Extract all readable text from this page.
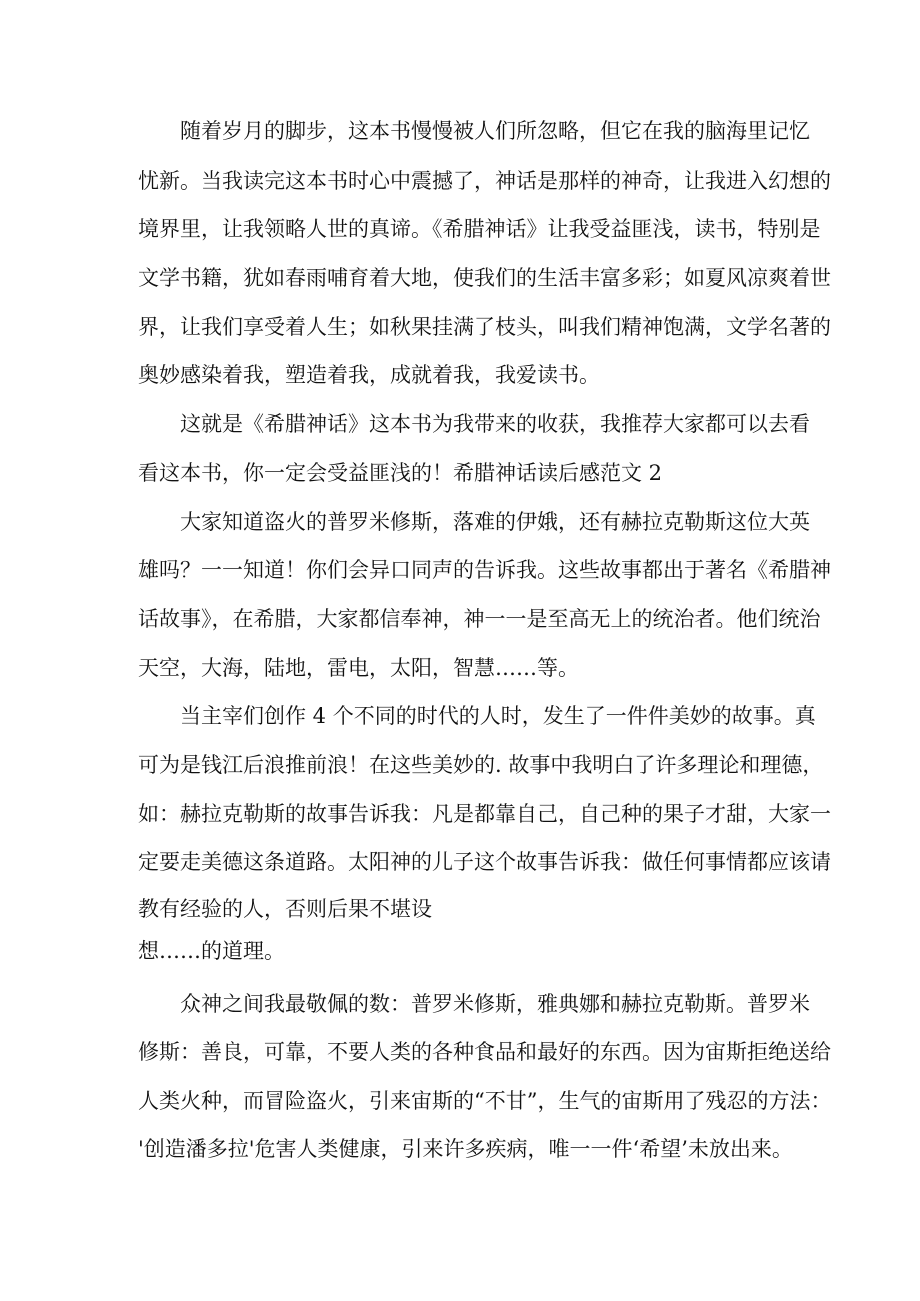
随着岁月的脚步，这本书慢慢被人们所忽略，但它在我的脑海里记忆
忧新。当我读完这本书时心中震撼了，神话是那样的神奇，让我进入幻想的
境界里，让我领略人世的真谛。《希腊神话》让我受益匪浅，读书，特别是
文学书籍，犹如春雨哺育着大地，使我们的生活丰富多彩；如夏风凉爽着世
界，让我们享受着人生；如秋果挂满了枝头，叫我们精神饱满，文学名著的
奥妙感染着我，塑造着我，成就着我，我爱读书。
这就是《希腊神话》这本书为我带来的收获，我推荐大家都可以去看
看这本书，你一定会受益匪浅的！希腊神话读后感范文 2
大家知道盗火的普罗米修斯，落难的伊娥，还有赫拉克勒斯这位大英
雄吗？一一知道！你们会异口同声的告诉我。这些故事都出于著名《希腊神
话故事》，在希腊，大家都信奉神，神一一是至高无上的统治者。他们统治
天空，大海，陆地，雷电，太阳，智慧……等。
当主宰们创作 4 个不同的时代的人时，发生了一件件美妙的故事。真
可为是钱江后浪推前浪！在这些美妙的. 故事中我明白了许多理论和理德，
如：赫拉克勒斯的故事告诉我：凡是都靠自己，自己种的果子才甜，大家一
定要走美德这条道路。太阳神的儿子这个故事告诉我：做任何事情都应该请
教有经验的人，否则后果不堪设
想……的道理。
众神之间我最敬佩的数：普罗米修斯，雅典娜和赫拉克勒斯。普罗米
修斯：善良，可靠，不要人类的各种食品和最好的东西。因为宙斯拒绝送给
人类火种，而冒险盗火，引来宙斯的“不甘”，生气的宙斯用了残忍的方法：
'创造潘多拉'危害人类健康，引来许多疾病，唯一一件‘希望’未放出来。
